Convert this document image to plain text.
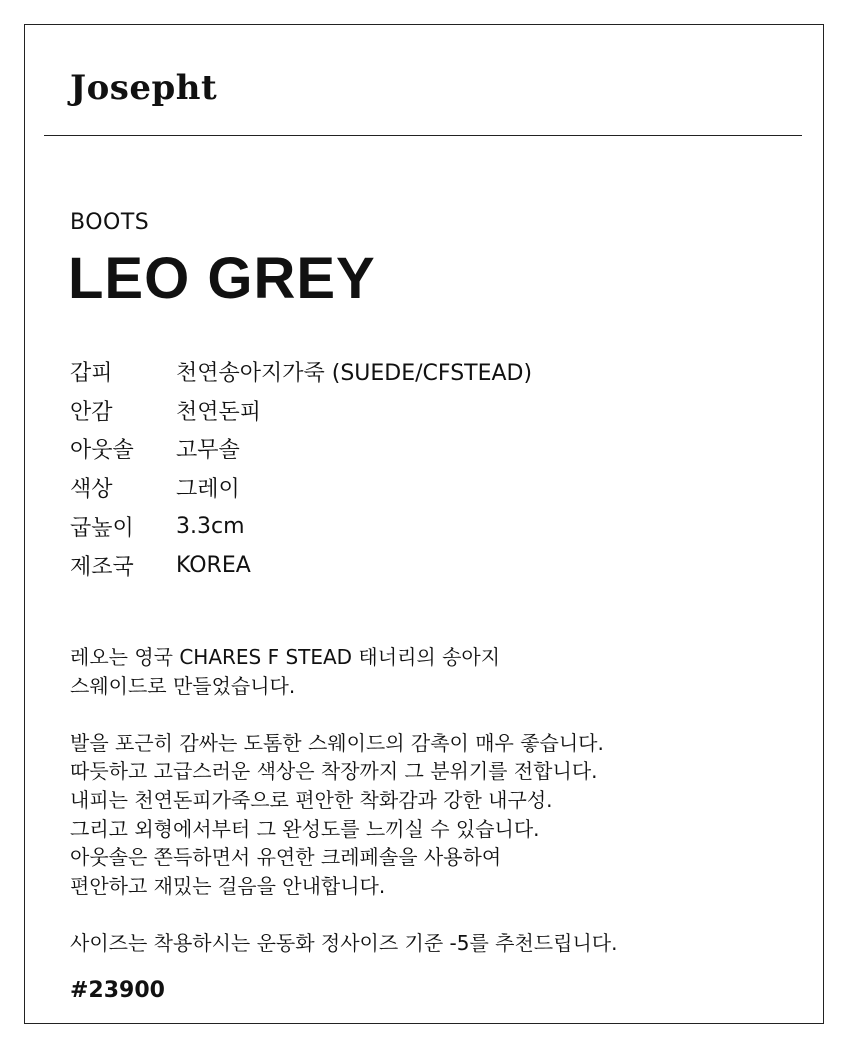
Josepht
BOOTS
LEO GREY
갑피	천연송아지가죽 (SUEDE/CFSTEAD)
안감	천연돈피
아웃솔	고무솔
색상	그레이
굽높이	3.3cm
제조국	KOREA

레오는 영국 CHARES F STEAD 태너리의 송아지

스웨이드로 만들었습니다.

발을 포근히 감싸는 도톰한 스웨이드의 감촉이 매우 좋습니다.

따듯하고 고급스러운 색상은 착장까지 그 분위기를 전합니다.

내피는 천연돈피가죽으로 편안한 착화감과 강한 내구성.

그리고 외형에서부터 그 완성도를 느끼실 수 있습니다.

아웃솔은 쫀득하면서 유연한 크레페솔을 사용하여

편안하고 재밌는 걸음을 안내합니다.

사이즈는 착용하시는 운동화 정사이즈 기준 -5를 추천드립니다.

#23900
